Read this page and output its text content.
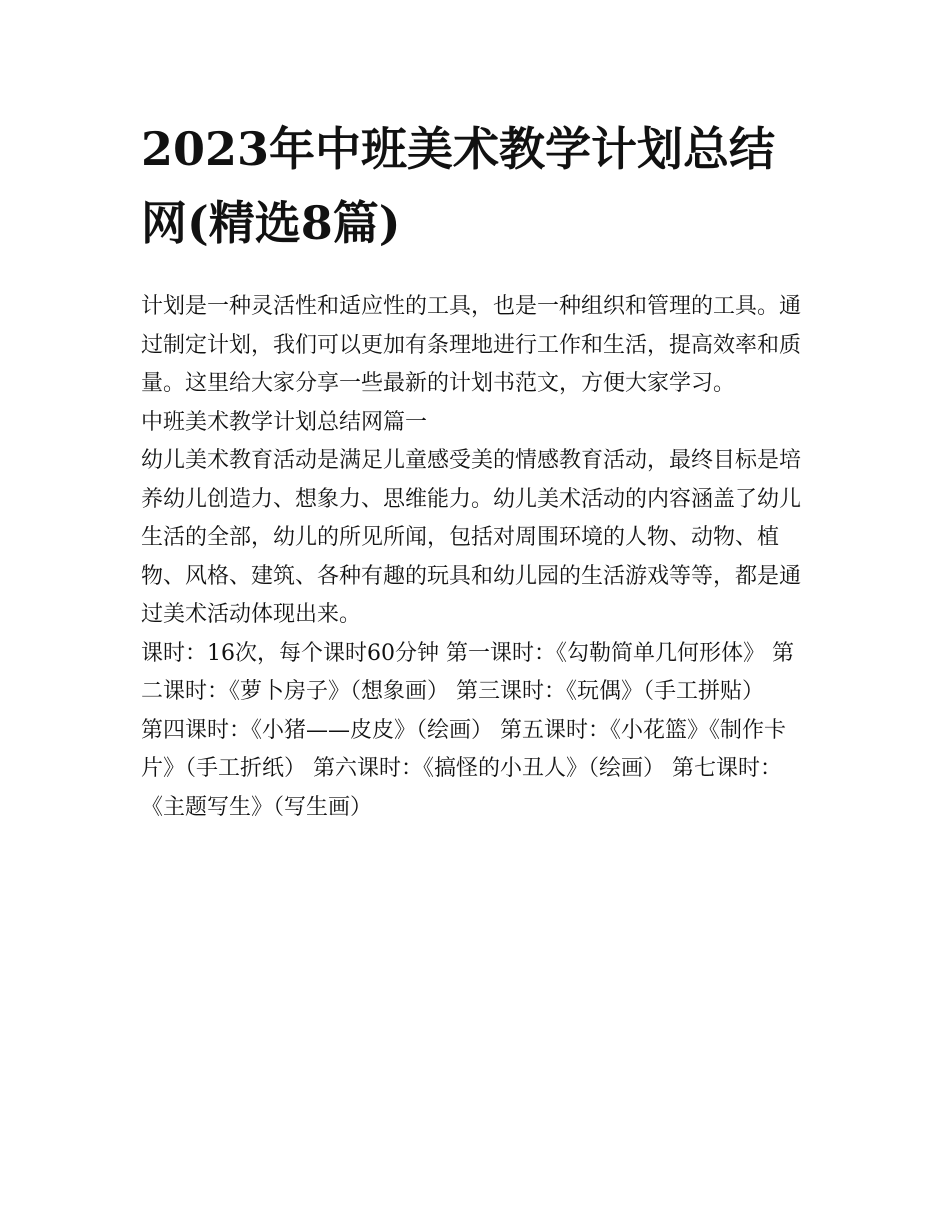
2023年中班美术教学计划总结网(精选8篇)

计划是一种灵活性和适应性的工具，也是一种组织和管理的工具。通过制定计划，我们可以更加有条理地进行工作和生活，提高效率和质量。这里给大家分享一些最新的计划书范文，方便大家学习。

中班美术教学计划总结网篇一

幼儿美术教育活动是满足儿童感受美的情感教育活动，最终目标是培养幼儿创造力、想象力、思维能力。幼儿美术活动的内容涵盖了幼儿生活的全部，幼儿的所见所闻，包括对周围环境的人物、动物、植物、风格、建筑、各种有趣的玩具和幼儿园的生活游戏等等，都是通过美术活动体现出来。

课时：16次，每个课时60分钟 第一课时：《勾勒简单几何形体》 第二课时：《萝卜房子》（想象画） 第三课时：《玩偶》（手工拼贴）

第四课时：《小猪——皮皮》（绘画） 第五课时：《小花篮》《制作卡片》（手工折纸） 第六课时：《搞怪的小丑人》（绘画） 第七课时：《主题写生》（写生画）
